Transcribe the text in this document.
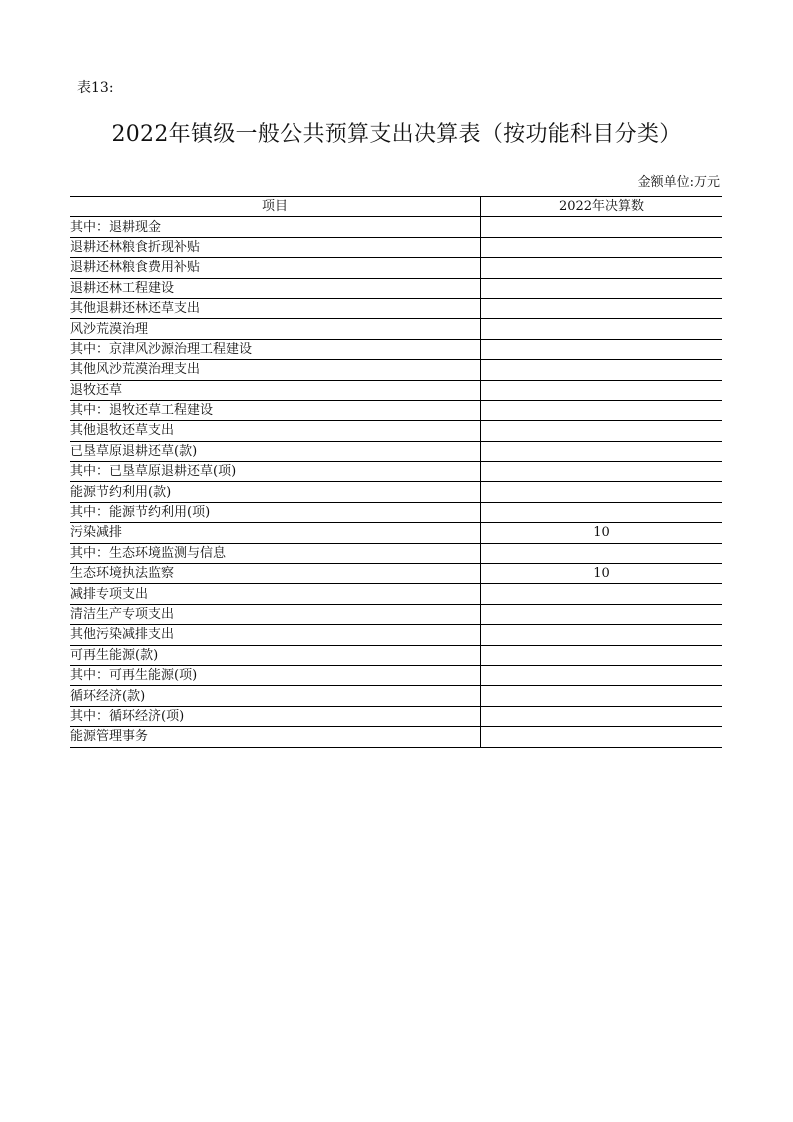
表13:
2022年镇级一般公共预算支出决算表（按功能科目分类）
金额单位:万元
项目	2022年决算数
其中：退耕现金	
退耕还林粮食折现补贴	
退耕还林粮食费用补贴	
退耕还林工程建设	
其他退耕还林还草支出	
风沙荒漠治理	
其中：京津风沙源治理工程建设	
其他风沙荒漠治理支出	
退牧还草	
其中：退牧还草工程建设	
其他退牧还草支出	
已垦草原退耕还草(款)	
其中：已垦草原退耕还草(项)	
能源节约利用(款)	
其中：能源节约利用(项)	
污染减排	10
其中：生态环境监测与信息	
生态环境执法监察	10
减排专项支出	
清洁生产专项支出	
其他污染减排支出	
可再生能源(款)	
其中：可再生能源(项)	
循环经济(款)	
其中：循环经济(项)	
能源管理事务	
